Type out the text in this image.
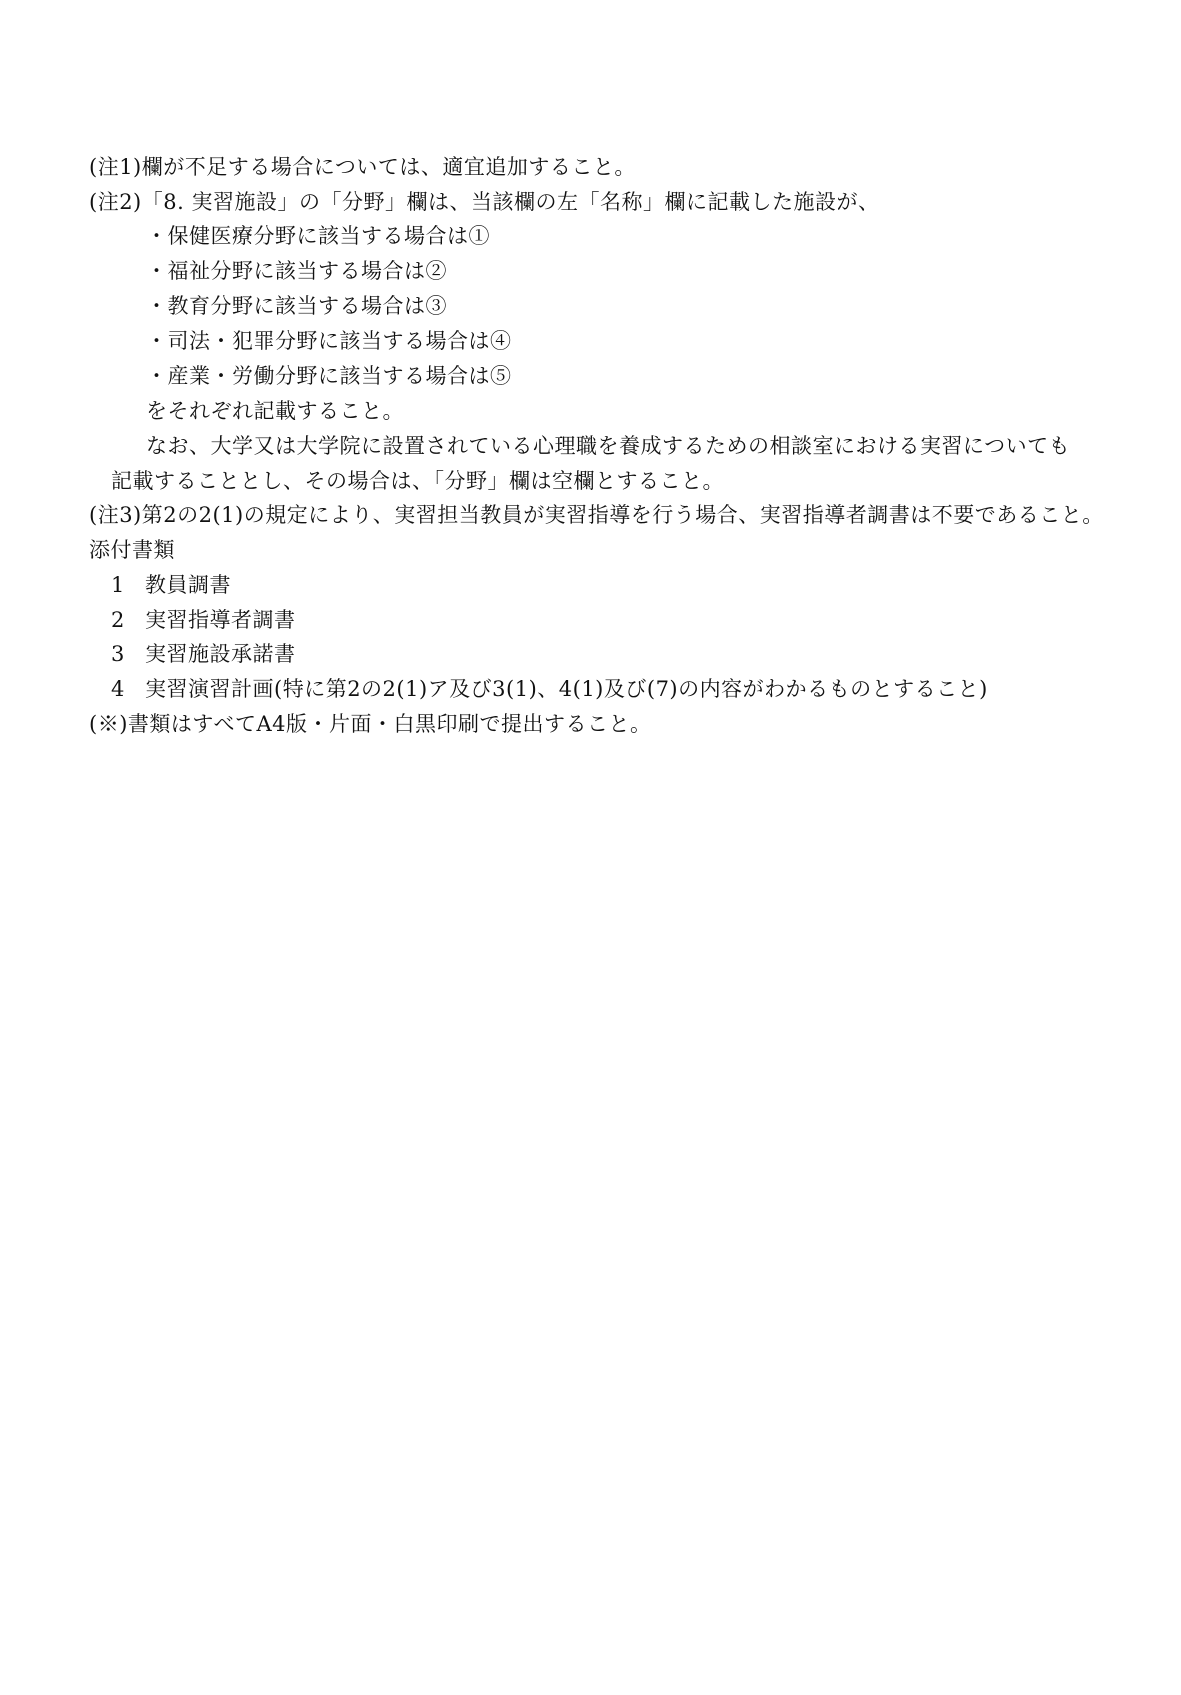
(注1)欄が不足する場合については、適宜追加すること。
(注2)「8. 実習施設」の「分野」欄は、当該欄の左「名称」欄に記載した施設が、
・保健医療分野に該当する場合は①
・福祉分野に該当する場合は②
・教育分野に該当する場合は③
・司法・犯罪分野に該当する場合は④
・産業・労働分野に該当する場合は⑤
をそれぞれ記載すること。
なお、大学又は大学院に設置されている心理職を養成するための相談室における実習についても
記載することとし、その場合は、「分野」欄は空欄とすること。
(注3)第2の2(1)の規定により、実習担当教員が実習指導を行う場合、実習指導者調書は不要であること。
添付書類
1 教員調書
2 実習指導者調書
3 実習施設承諾書
4 実習演習計画(特に第2の2(1)ア及び3(1)、4(1)及び(7)の内容がわかるものとすること)
(※)書類はすべてA4版・片面・白黒印刷で提出すること。
